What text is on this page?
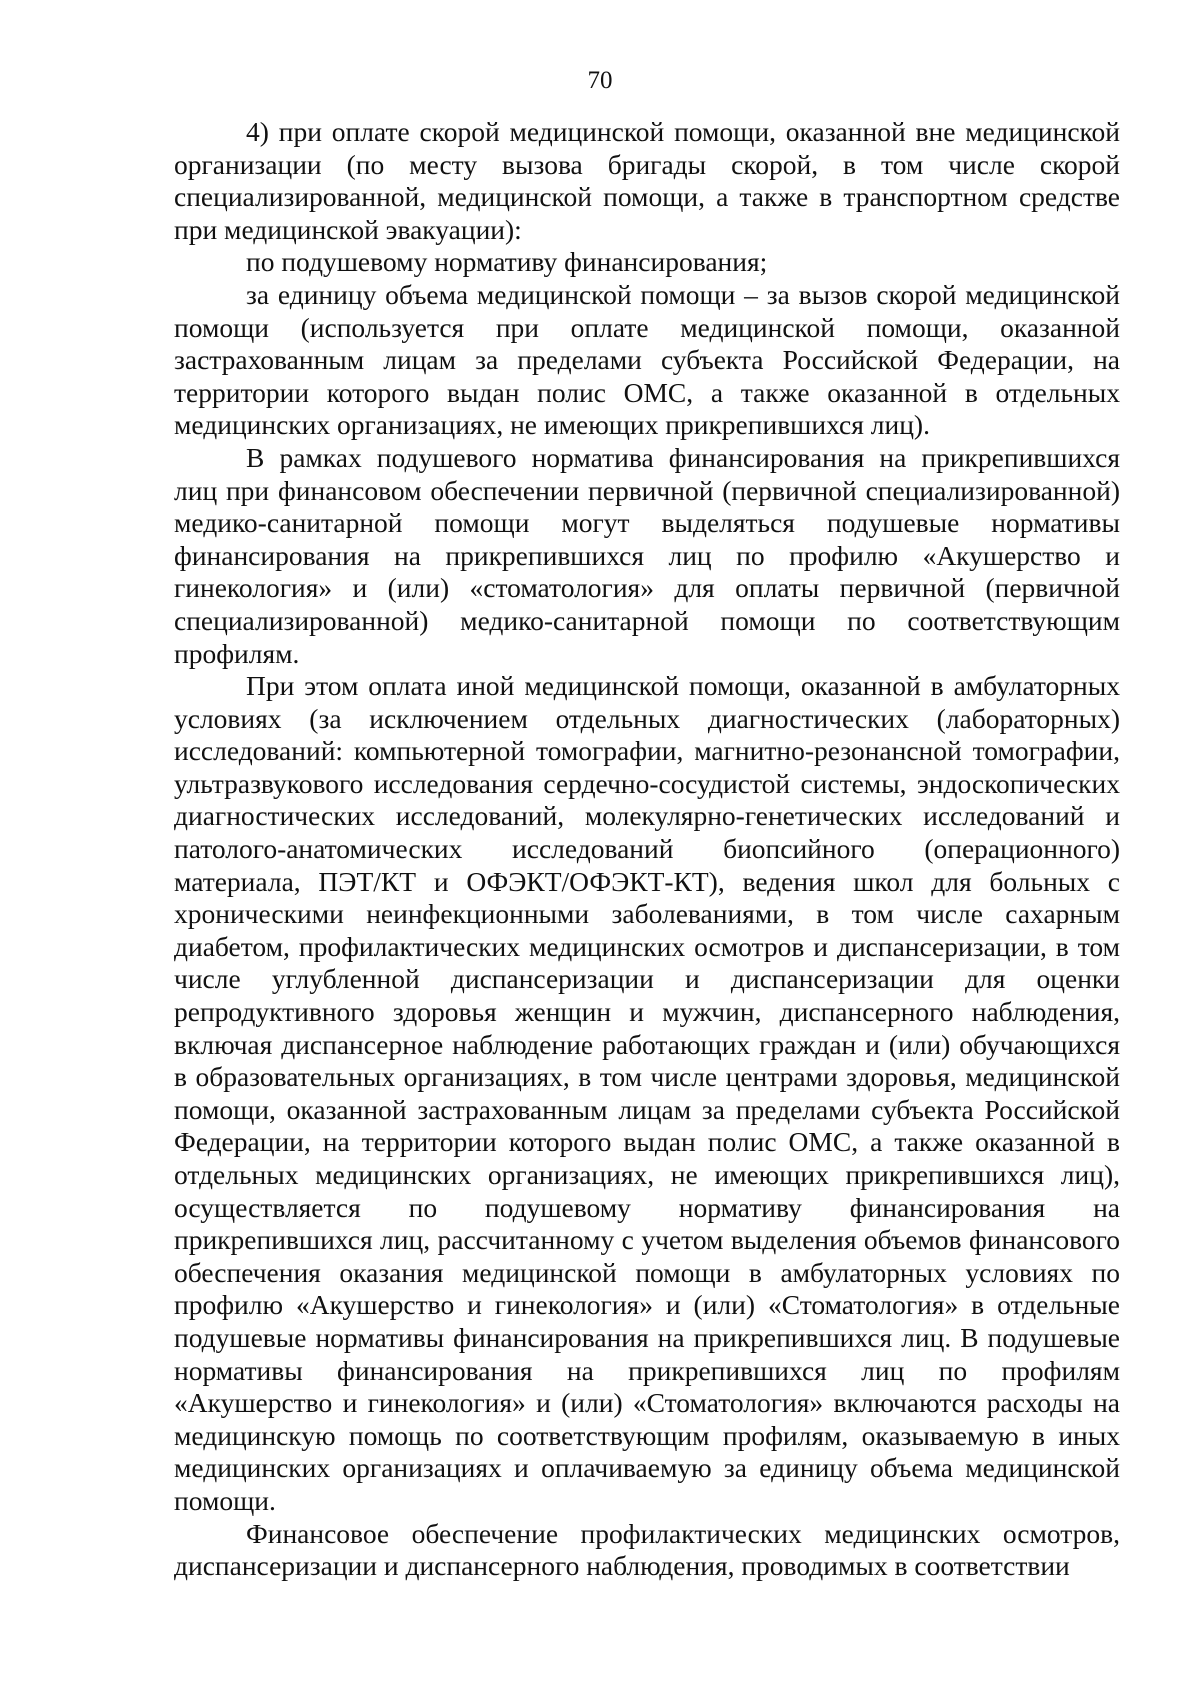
70

4) при оплате скорой медицинской помощи, оказанной вне медицинской организации (по месту вызова бригады скорой, в том числе скорой специализированной, медицинской помощи, а также в транспортном средстве при медицинской эвакуации):

по подушевому нормативу финансирования;

за единицу объема медицинской помощи – за вызов скорой медицинской помощи (используется при оплате медицинской помощи, оказанной застрахованным лицам за пределами субъекта Российской Федерации, на территории которого выдан полис ОМС, а также оказанной в отдельных медицинских организациях, не имеющих прикрепившихся лиц).

В рамках подушевого норматива финансирования на прикрепившихся лиц при финансовом обеспечении первичной (первичной специализированной) медико-санитарной помощи могут выделяться подушевые нормативы финансирования на прикрепившихся лиц по профилю «Акушерство и гинекология» и (или) «стоматология» для оплаты первичной (первичной специализированной) медико-санитарной помощи по соответствующим профилям.

При этом оплата иной медицинской помощи, оказанной в амбулаторных условиях (за исключением отдельных диагностических (лабораторных) исследований: компьютерной томографии, магнитно-резонансной томографии, ультразвукового исследования сердечно-сосудистой системы, эндоскопических диагностических исследований, молекулярно-генетических исследований и патолого-анатомических исследований биопсийного (операционного) материала, ПЭТ/КТ и ОФЭКТ/ОФЭКТ-КТ), ведения школ для больных с хроническими неинфекционными заболеваниями, в том числе сахарным диабетом, профилактических медицинских осмотров и диспансеризации, в том числе углубленной диспансеризации и диспансеризации для оценки репродуктивного здоровья женщин и мужчин, диспансерного наблюдения, включая диспансерное наблюдение работающих граждан и (или) обучающихся в образовательных организациях, в том числе центрами здоровья, медицинской помощи, оказанной застрахованным лицам за пределами субъекта Российской Федерации, на территории которого выдан полис ОМС, а также оказанной в отдельных медицинских организациях, не имеющих прикрепившихся лиц), осуществляется по подушевому нормативу финансирования на прикрепившихся лиц, рассчитанному с учетом выделения объемов финансового обеспечения оказания медицинской помощи в амбулаторных условиях по профилю «Акушерство и гинекология» и (или) «Стоматология» в отдельные подушевые нормативы финансирования на прикрепившихся лиц. В подушевые нормативы финансирования на прикрепившихся лиц по профилям «Акушерство и гинекология» и (или) «Стоматология» включаются расходы на медицинскую помощь по соответствующим профилям, оказываемую в иных медицинских организациях и оплачиваемую за единицу объема медицинской помощи.

Финансовое обеспечение профилактических медицинских осмотров, диспансеризации и диспансерного наблюдения, проводимых в соответствии
